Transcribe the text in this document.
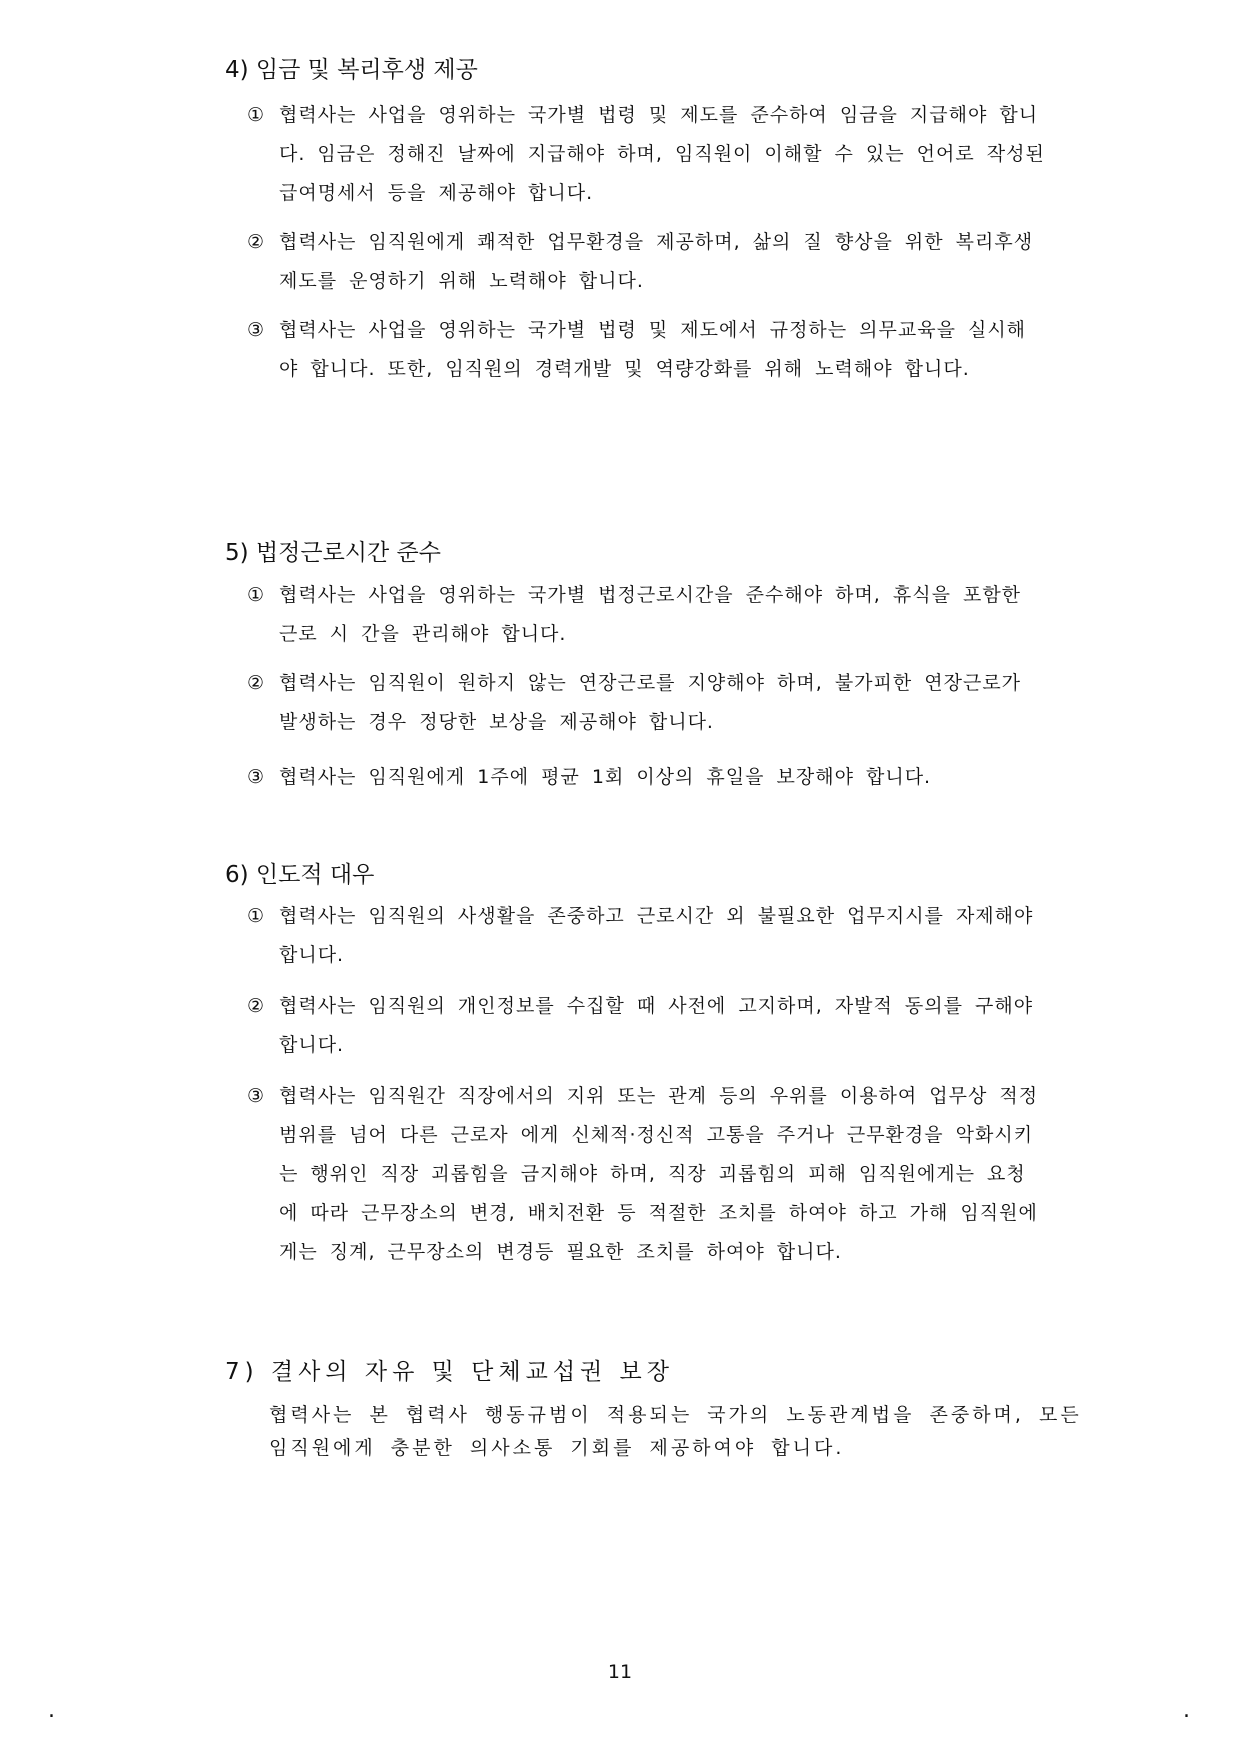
4) 임금 및 복리후생 제공

① 협력사는 사업을 영위하는 국가별 법령 및 제도를 준수하여 임금을 지급해야 합니다. 임금은 정해진 날짜에 지급해야 하며, 임직원이 이해할 수 있는 언어로 작성된 급여명세서 등을 제공해야 합니다.

② 협력사는 임직원에게 쾌적한 업무환경을 제공하며, 삶의 질 향상을 위한 복리후생 제도를 운영하기 위해 노력해야 합니다.

③ 협력사는 사업을 영위하는 국가별 법령 및 제도에서 규정하는 의무교육을 실시해야 합니다. 또한, 임직원의 경력개발 및 역량강화를 위해 노력해야 합니다.

5) 법정근로시간 준수

① 협력사는 사업을 영위하는 국가별 법정근로시간을 준수해야 하며, 휴식을 포함한 근로 시 간을 관리해야 합니다.

② 협력사는 임직원이 원하지 않는 연장근로를 지양해야 하며, 불가피한 연장근로가 발생하는 경우 정당한 보상을 제공해야 합니다.

③ 협력사는 임직원에게 1주에 평균 1회 이상의 휴일을 보장해야 합니다.

6) 인도적 대우

① 협력사는 임직원의 사생활을 존중하고 근로시간 외 불필요한 업무지시를 자제해야 합니다.

② 협력사는 임직원의 개인정보를 수집할 때 사전에 고지하며, 자발적 동의를 구해야 합니다.

③ 협력사는 임직원간 직장에서의 지위 또는 관계 등의 우위를 이용하여 업무상 적정범위를 넘어 다른 근로자 에게 신체적·정신적 고통을 주거나 근무환경을 악화시키는 행위인 직장 괴롭힘을 금지해야 하며, 직장 괴롭힘의 피해 임직원에게는 요청에 따라 근무장소의 변경, 배치전환 등 적절한 조치를 하여야 하고 가해 임직원에게는 징계, 근무장소의 변경등 필요한 조치를 하여야 합니다.

7) 결사의 자유 및 단체교섭권 보장

협력사는 본 협력사 행동규범이 적용되는 국가의 노동관계법을 존중하며, 모든 임직원에게 충분한 의사소통 기회를 제공하여야 합니다.

11
.	.
